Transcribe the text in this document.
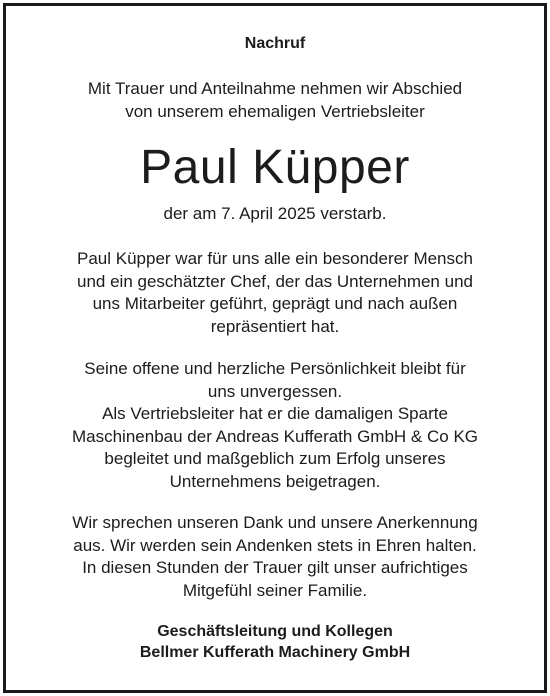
Nachruf
Mit Trauer und Anteilnahme nehmen wir Abschied
von unserem ehemaligen Vertriebsleiter
Paul Küpper
der am 7. April 2025 verstarb.
Paul Küpper war für uns alle ein besonderer Mensch
und ein geschätzter Chef, der das Unternehmen und
uns Mitarbeiter geführt, geprägt und nach außen
repräsentiert hat.
Seine offene und herzliche Persönlichkeit bleibt für
uns unvergessen.
Als Vertriebsleiter hat er die damaligen Sparte
Maschinenbau der Andreas Kufferath GmbH & Co KG
begleitet und maßgeblich zum Erfolg unseres
Unternehmens beigetragen.
Wir sprechen unseren Dank und unsere Anerkennung
aus. Wir werden sein Andenken stets in Ehren halten.
In diesen Stunden der Trauer gilt unser aufrichtiges
Mitgefühl seiner Familie.
Geschäftsleitung und Kollegen
Bellmer Kufferath Machinery GmbH
